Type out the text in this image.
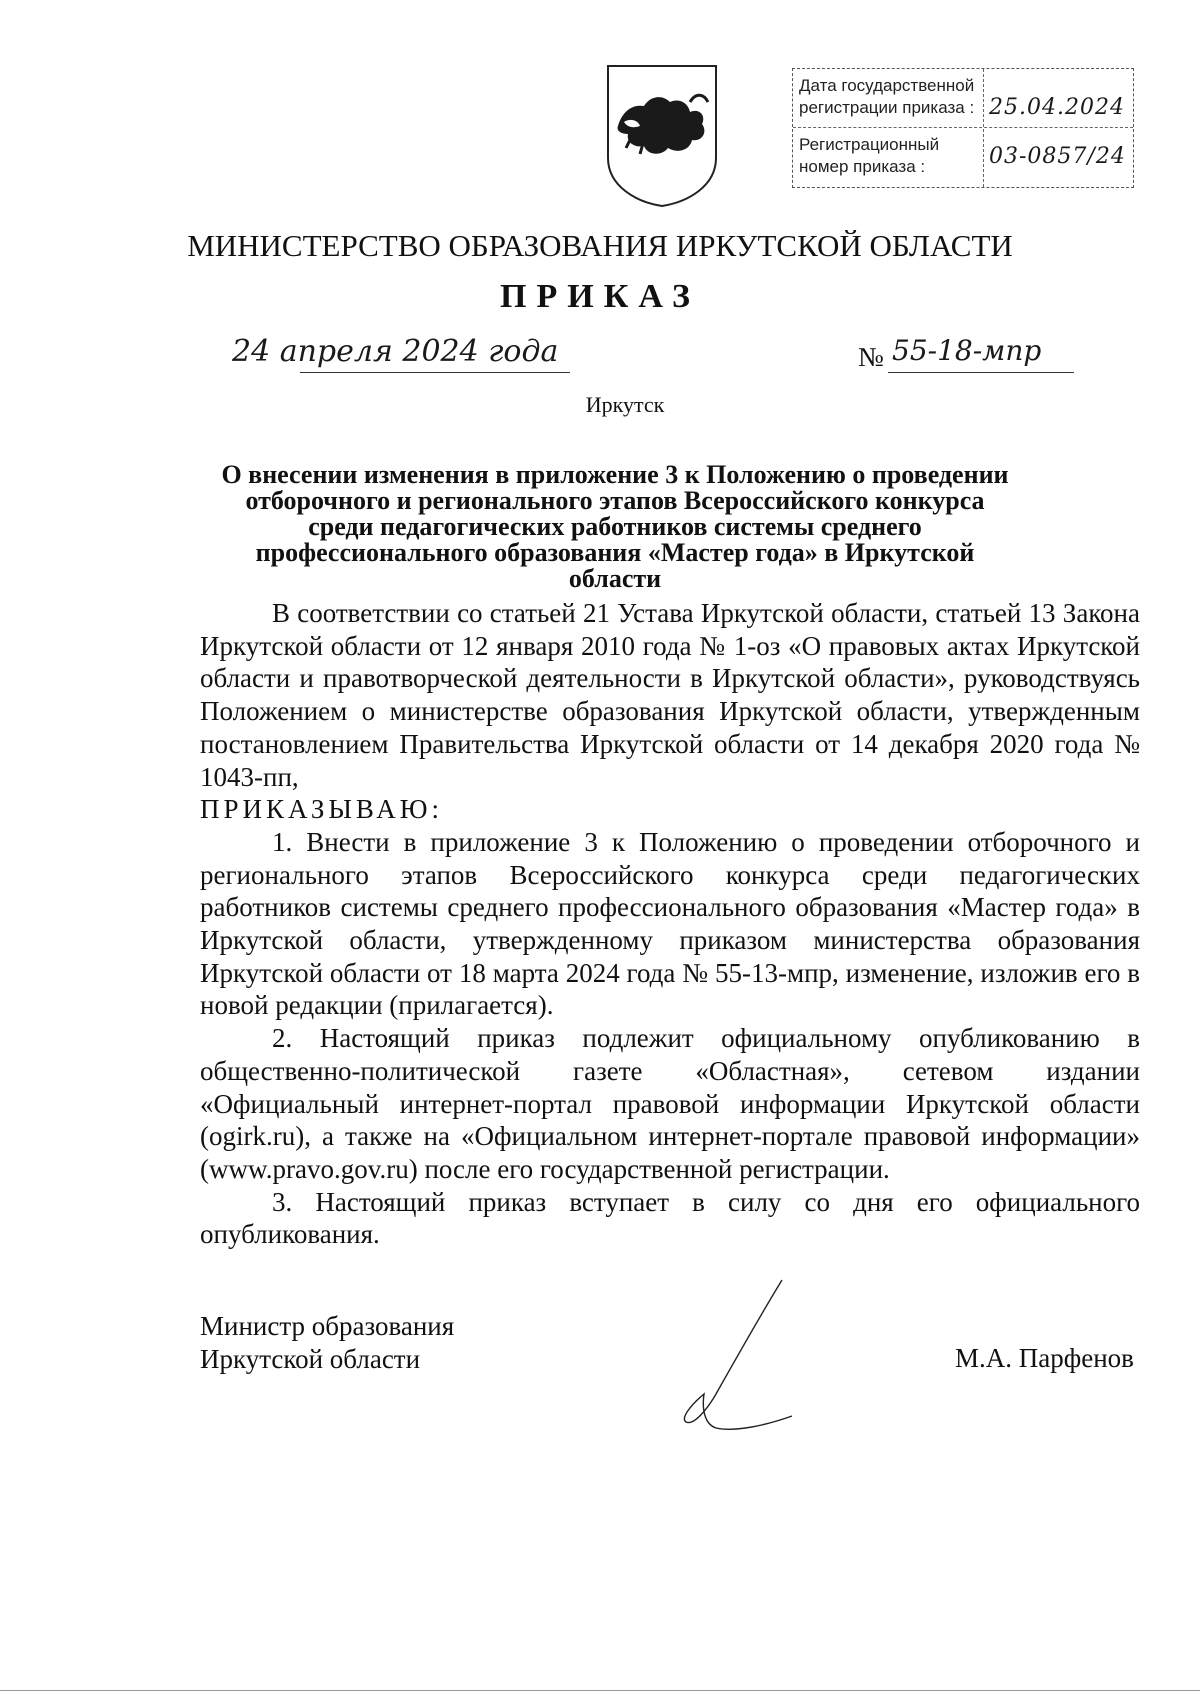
Дата государственной регистрации приказа : 25.04.2024
Регистрационный номер приказа :	03-0857/24
МИНИСТЕРСТВО ОБРАЗОВАНИЯ ИРКУТСКОЙ ОБЛАСТИ
ПРИКАЗ
24 апреля 2024 года	№ 55-18-мпр
Иркутск
О внесении изменения в приложение 3 к Положению о проведении отборочного и регионального этапов Всероссийского конкурса среди педагогических работников системы среднего профессионального образования «Мастер года» в Иркутской области

В соответствии со статьей 21 Устава Иркутской области, статьей 13 Закона Иркутской области от 12 января 2010 года № 1-оз «О правовых актах Иркутской области и правотворческой деятельности в Иркутской области», руководствуясь Положением о министерстве образования Иркутской области, утвержденным постановлением Правительства Иркутской области от 14 декабря 2020 года № 1043-пп,

ПРИКАЗЫВАЮ:

1. Внести в приложение 3 к Положению о проведении отборочного и регионального этапов Всероссийского конкурса среди педагогических работников системы среднего профессионального образования «Мастер года» в Иркутской области, утвержденному приказом министерства образования Иркутской области от 18 марта 2024 года № 55-13-мпр, изменение, изложив его в новой редакции (прилагается).

2. Настоящий приказ подлежит официальному опубликованию в общественно-политической газете «Областная», сетевом издании «Официальный интернет-портал правовой информации Иркутской области (ogirk.ru), а также на «Официальном интернет-портале правовой информации» (www.pravo.gov.ru) после его государственной регистрации.

3. Настоящий приказ вступает в силу со дня его официального опубликования.

Министр образования
Иркутской области	М.А. Парфенов
